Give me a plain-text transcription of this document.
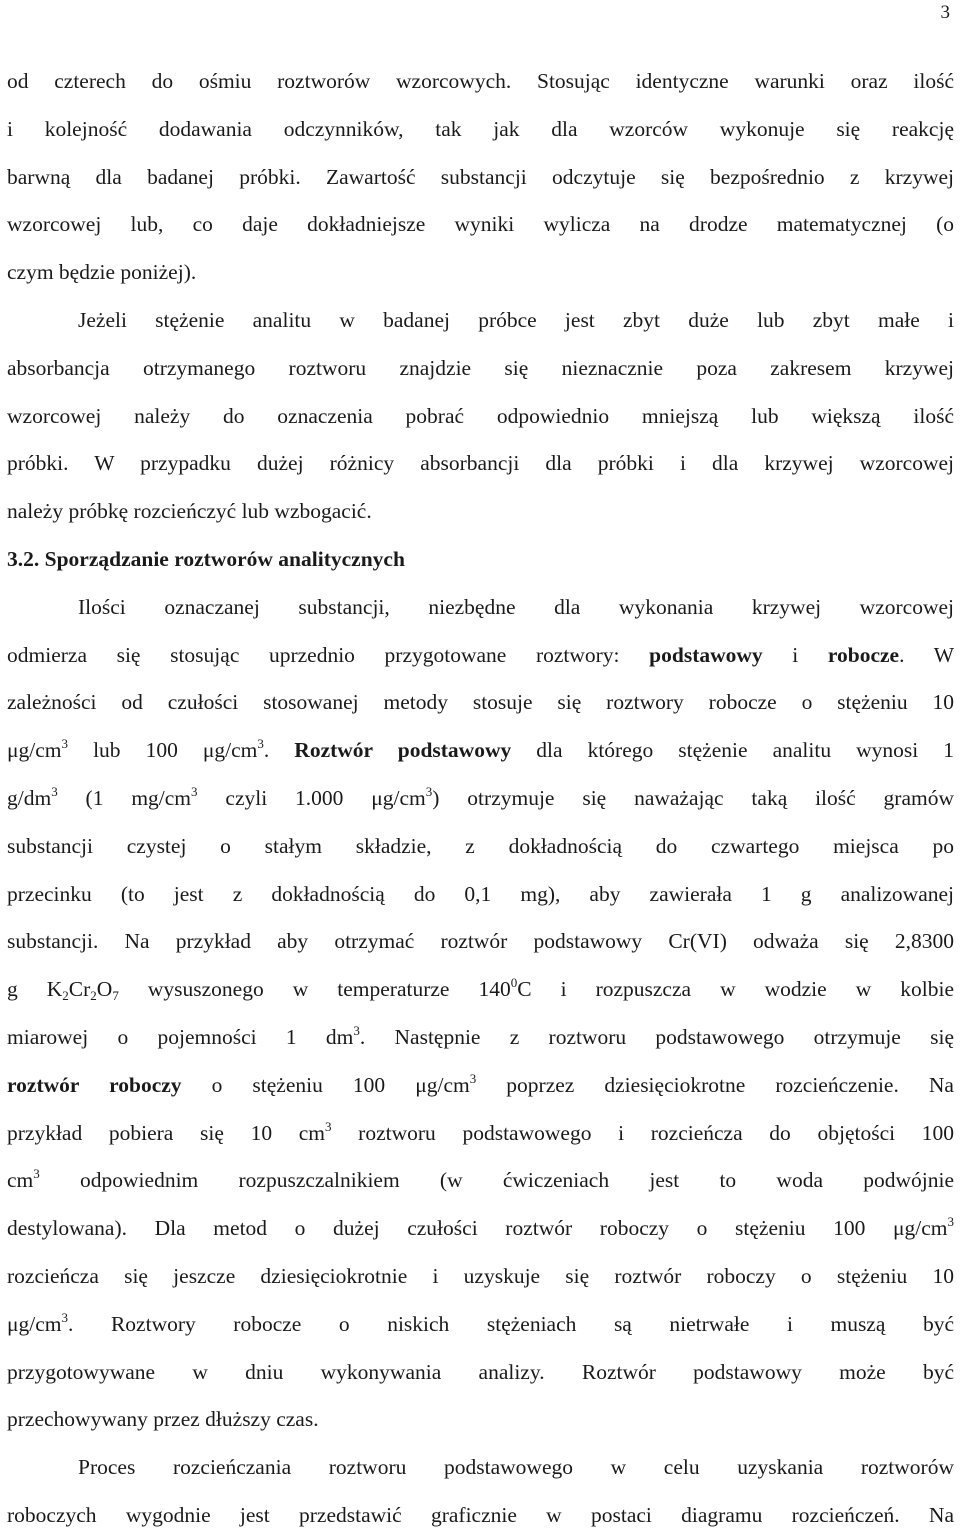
3
od czterech do ośmiu roztworów wzorcowych. Stosując identyczne warunki oraz ilość
i kolejność dodawania odczynników, tak jak dla wzorców wykonuje się reakcję
barwną dla badanej próbki. Zawartość substancji odczytuje się bezpośrednio z krzywej
wzorcowej lub, co daje dokładniejsze wyniki wylicza na drodze matematycznej (o
czym będzie poniżej).
Jeżeli stężenie analitu w badanej próbce jest zbyt duże lub zbyt małe i
absorbancja otrzymanego roztworu znajdzie się nieznacznie poza zakresem krzywej
wzorcowej należy do oznaczenia pobrać odpowiednio mniejszą lub większą ilość
próbki. W przypadku dużej różnicy absorbancji dla próbki i dla krzywej wzorcowej
należy próbkę rozcieńczyć lub wzbogacić.
3.2. Sporządzanie roztworów analitycznych
Ilości oznaczanej substancji, niezbędne dla wykonania krzywej wzorcowej
odmierza się stosując uprzednio przygotowane roztwory: podstawowy i robocze. W
zależności od czułości stosowanej metody stosuje się roztwory robocze o stężeniu 10
$\mu g/cm^3$ lub 100 $\mu g/cm^3$. Roztwór podstawowy dla którego stężenie analitu wynosi 1
$g/dm^3$ (1 $mg/cm^3$ czyli 1.000 $\mu g/cm^3$) otrzymuje się naważając taką ilość gramów
substancji czystej o stałym składzie, z dokładnością do czwartego miejsca po
przecinku (to jest z dokładnością do 0,1 mg), aby zawierała 1 g analizowanej
substancji. Na przykład aby otrzymać roztwór podstawowy Cr(VI) odważa się 2,8300
g $K_2Cr_2O_7$ wysuszonego w temperaturze $140^0C$ i rozpuszcza w wodzie w kolbie
miarowej o pojemności 1 $dm^3$. Następnie z roztworu podstawowego otrzymuje się
roztwór roboczy o stężeniu 100 $\mu g/cm^3$ poprzez dziesięciokrotne rozcieńczenie. Na
przykład pobiera się 10 $cm^3$ roztworu podstawowego i rozcieńcza do objętości 100
$cm^3$ odpowiednim rozpuszczalnikiem (w ćwiczeniach jest to woda podwójnie
destylowana). Dla metod o dużej czułości roztwór roboczy o stężeniu 100 $\mu g/cm^3$
rozcieńcza się jeszcze dziesięciokrotnie i uzyskuje się roztwór roboczy o stężeniu 10
$\mu g/cm^3$. Roztwory robocze o niskich stężeniach są nietrwałe i muszą być
przygotowywane w dniu wykonywania analizy. Roztwór podstawowy może być
przechowywany przez dłuższy czas.
Proces rozcieńczania roztworu podstawowego w celu uzyskania roztworów
roboczych wygodnie jest przedstawić graficznie w postaci diagramu rozcieńczeń. Na
